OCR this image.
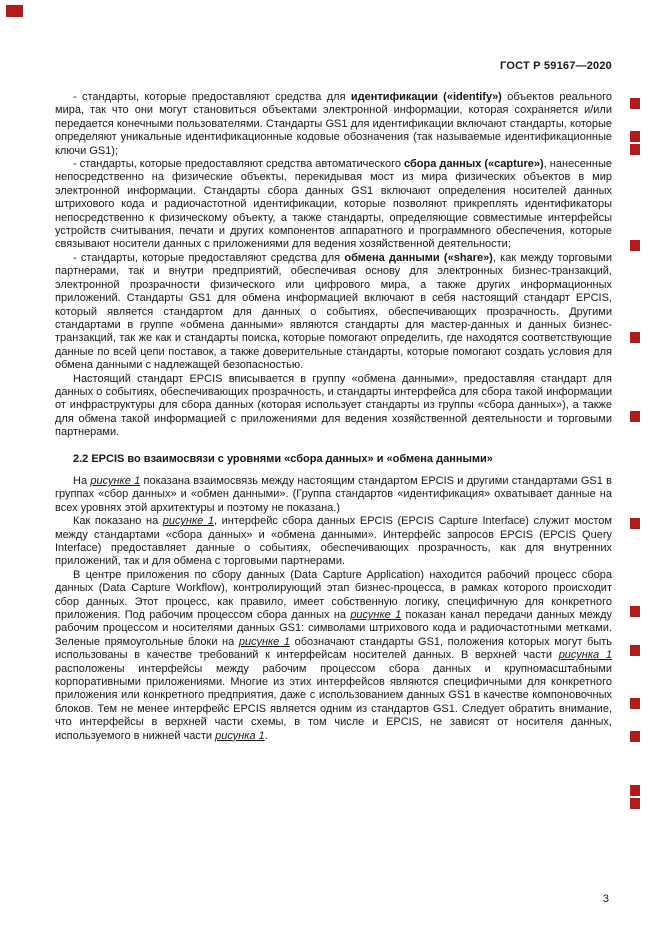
ГОСТ Р 59167—2020

- стандарты, которые предоставляют средства для идентификации («identify») объектов реального мира, так что они могут становиться объектами электронной информации, которая сохраняется и/или передается конечными пользователями. Стандарты GS1 для идентификации включают стандарты, которые определяют уникальные идентификационные кодовые обозначения (так называемые идентификационные ключи GS1);

- стандарты, которые предоставляют средства автоматического сбора данных («capture»), нанесенные непосредственно на физические объекты, перекидывая мост из мира физических объектов в мир электронной информации. Стандарты сбора данных GS1 включают определения носителей данных штрихового кода и радиочастотной идентификации, которые позволяют прикреплять идентификаторы непосредственно к физическому объекту, а также стандарты, определяющие совместимые интерфейсы устройств считывания, печати и других компонентов аппаратного и программного обеспечения, которые связывают носители данных с приложениями для ведения хозяйственной деятельности;

- стандарты, которые предоставляют средства для обмена данными («share»), как между торговыми партнерами, так и внутри предприятий, обеспечивая основу для электронных бизнес-транзакций, электронной прозрачности физического или цифрового мира, а также других информационных приложений. Стандарты GS1 для обмена информацией включают в себя настоящий стандарт EPCIS, который является стандартом для данных о событиях, обеспечивающих прозрачность. Другими стандартами в группе «обмена данными» являются стандарты для мастер-данных и данных бизнес-транзакций, так же как и стандарты поиска, которые помогают определить, где находятся соответствующие данные по всей цепи поставок, а также доверительные стандарты, которые помогают создать условия для обмена данными с надлежащей безопасностью.

Настоящий стандарт EPCIS вписывается в группу «обмена данными», предоставляя стандарт для данных о событиях, обеспечивающих прозрачность, и стандарты интерфейса для сбора такой информации от инфраструктуры для сбора данных (которая использует стандарты из группы «сбора данных»), а также для обмена такой информацией с приложениями для ведения хозяйственной деятельности и торговыми партнерами.

2.2 EPCIS во взаимосвязи с уровнями «сбора данных» и «обмена данными»

На рисунке 1 показана взаимосвязь между настоящим стандартом EPCIS и другими стандартами GS1 в группах «сбор данных» и «обмен данными». (Группа стандартов «идентификация» охватывает данные на всех уровнях этой архитектуры и поэтому не показана.)

Как показано на рисунке 1, интерфейс сбора данных EPCIS (EPCIS Capture Interface) служит мостом между стандартами «сбора данных» и «обмена данными». Интерфейс запросов EPCIS (EPCIS Query Interface) предоставляет данные о событиях, обеспечивающих прозрачность, как для внутренних приложений, так и для обмена с торговыми партнерами.

В центре приложения по сбору данных (Data Capture Application) находится рабочий процесс сбора данных (Data Capture Workflow), контролирующий этап бизнес-процесса, в рамках которого происходит сбор данных. Этот процесс, как правило, имеет собственную логику, специфичную для конкретного приложения. Под рабочим процессом сбора данных на рисунке 1 показан канал передачи данных между рабочим процессом и носителями данных GS1: символами штрихового кода и радиочастотными метками. Зеленые прямоугольные блоки на рисунке 1 обозначают стандарты GS1, положения которых могут быть использованы в качестве требований к интерфейсам носителей данных. В верхней части рисунка 1 расположены интерфейсы между рабочим процессом сбора данных и крупномасштабными корпоративными приложениями. Многие из этих интерфейсов являются специфичными для конкретного приложения или конкретного предприятия, даже с использованием данных GS1 в качестве компоновочных блоков. Тем не менее интерфейс EPCIS является одним из стандартов GS1. Следует обратить внимание, что интерфейсы в верхней части схемы, в том числе и EPCIS, не зависят от носителя данных, используемого в нижней части рисунка 1.

3
